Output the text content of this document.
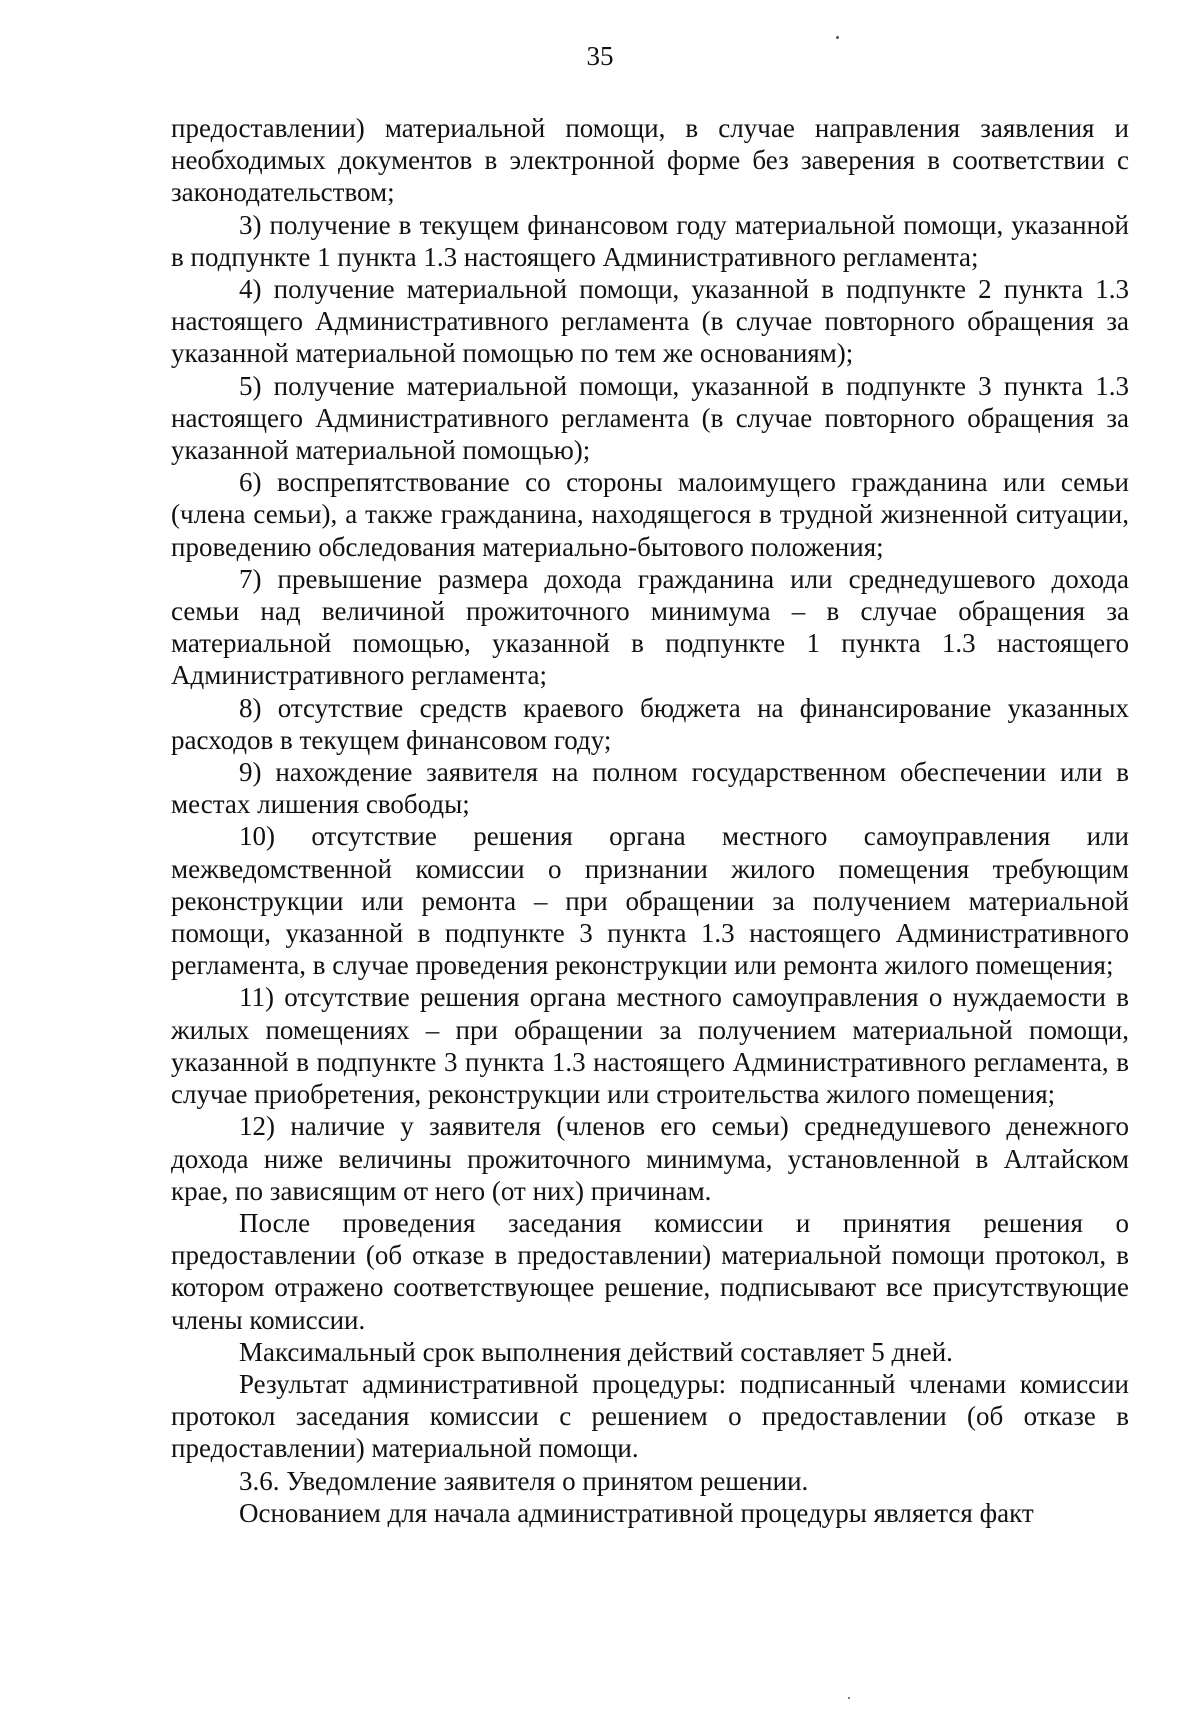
35

предоставлении) материальной помощи, в случае направления заявления и необходимых документов в электронной форме без заверения в соответствии с законодательством;

3) получение в текущем финансовом году материальной помощи, указанной в подпункте 1 пункта 1.3 настоящего Административного регламента;

4) получение материальной помощи, указанной в подпункте 2 пункта 1.3 настоящего Административного регламента (в случае повторного обращения за указанной материальной помощью по тем же основаниям);

5) получение материальной помощи, указанной в подпункте 3 пункта 1.3 настоящего Административного регламента (в случае повторного обращения за указанной материальной помощью);

6) воспрепятствование со стороны малоимущего гражданина или семьи (члена семьи), а также гражданина, находящегося в трудной жизненной ситуации, проведению обследования материально-бытового положения;

7) превышение размера дохода гражданина или среднедушевого дохода семьи над величиной прожиточного минимума – в случае обращения за материальной помощью, указанной в подпункте 1 пункта 1.3 настоящего Административного регламента;

8) отсутствие средств краевого бюджета на финансирование указанных расходов в текущем финансовом году;

9) нахождение заявителя на полном государственном обеспечении или в местах лишения свободы;

10) отсутствие решения органа местного самоуправления или межведомственной комиссии о признании жилого помещения требующим реконструкции или ремонта – при обращении за получением материальной помощи, указанной в подпункте 3 пункта 1.3 настоящего Административного регламента, в случае проведения реконструкции или ремонта жилого помещения;

11) отсутствие решения органа местного самоуправления о нуждаемости в жилых помещениях – при обращении за получением материальной помощи, указанной в подпункте 3 пункта 1.3 настоящего Административного регламента, в случае приобретения, реконструкции или строительства жилого помещения;

12) наличие у заявителя (членов его семьи) среднедушевого денежного дохода ниже величины прожиточного минимума, установленной в Алтайском крае, по зависящим от него (от них) причинам.

После проведения заседания комиссии и принятия решения о предоставлении (об отказе в предоставлении) материальной помощи протокол, в котором отражено соответствующее решение, подписывают все присутствующие члены комиссии.

Максимальный срок выполнения действий составляет 5 дней.

Результат административной процедуры: подписанный членами комиссии протокол заседания комиссии с решением о предоставлении (об отказе в предоставлении) материальной помощи.

3.6. Уведомление заявителя о принятом решении.

Основанием для начала административной процедуры является факт
